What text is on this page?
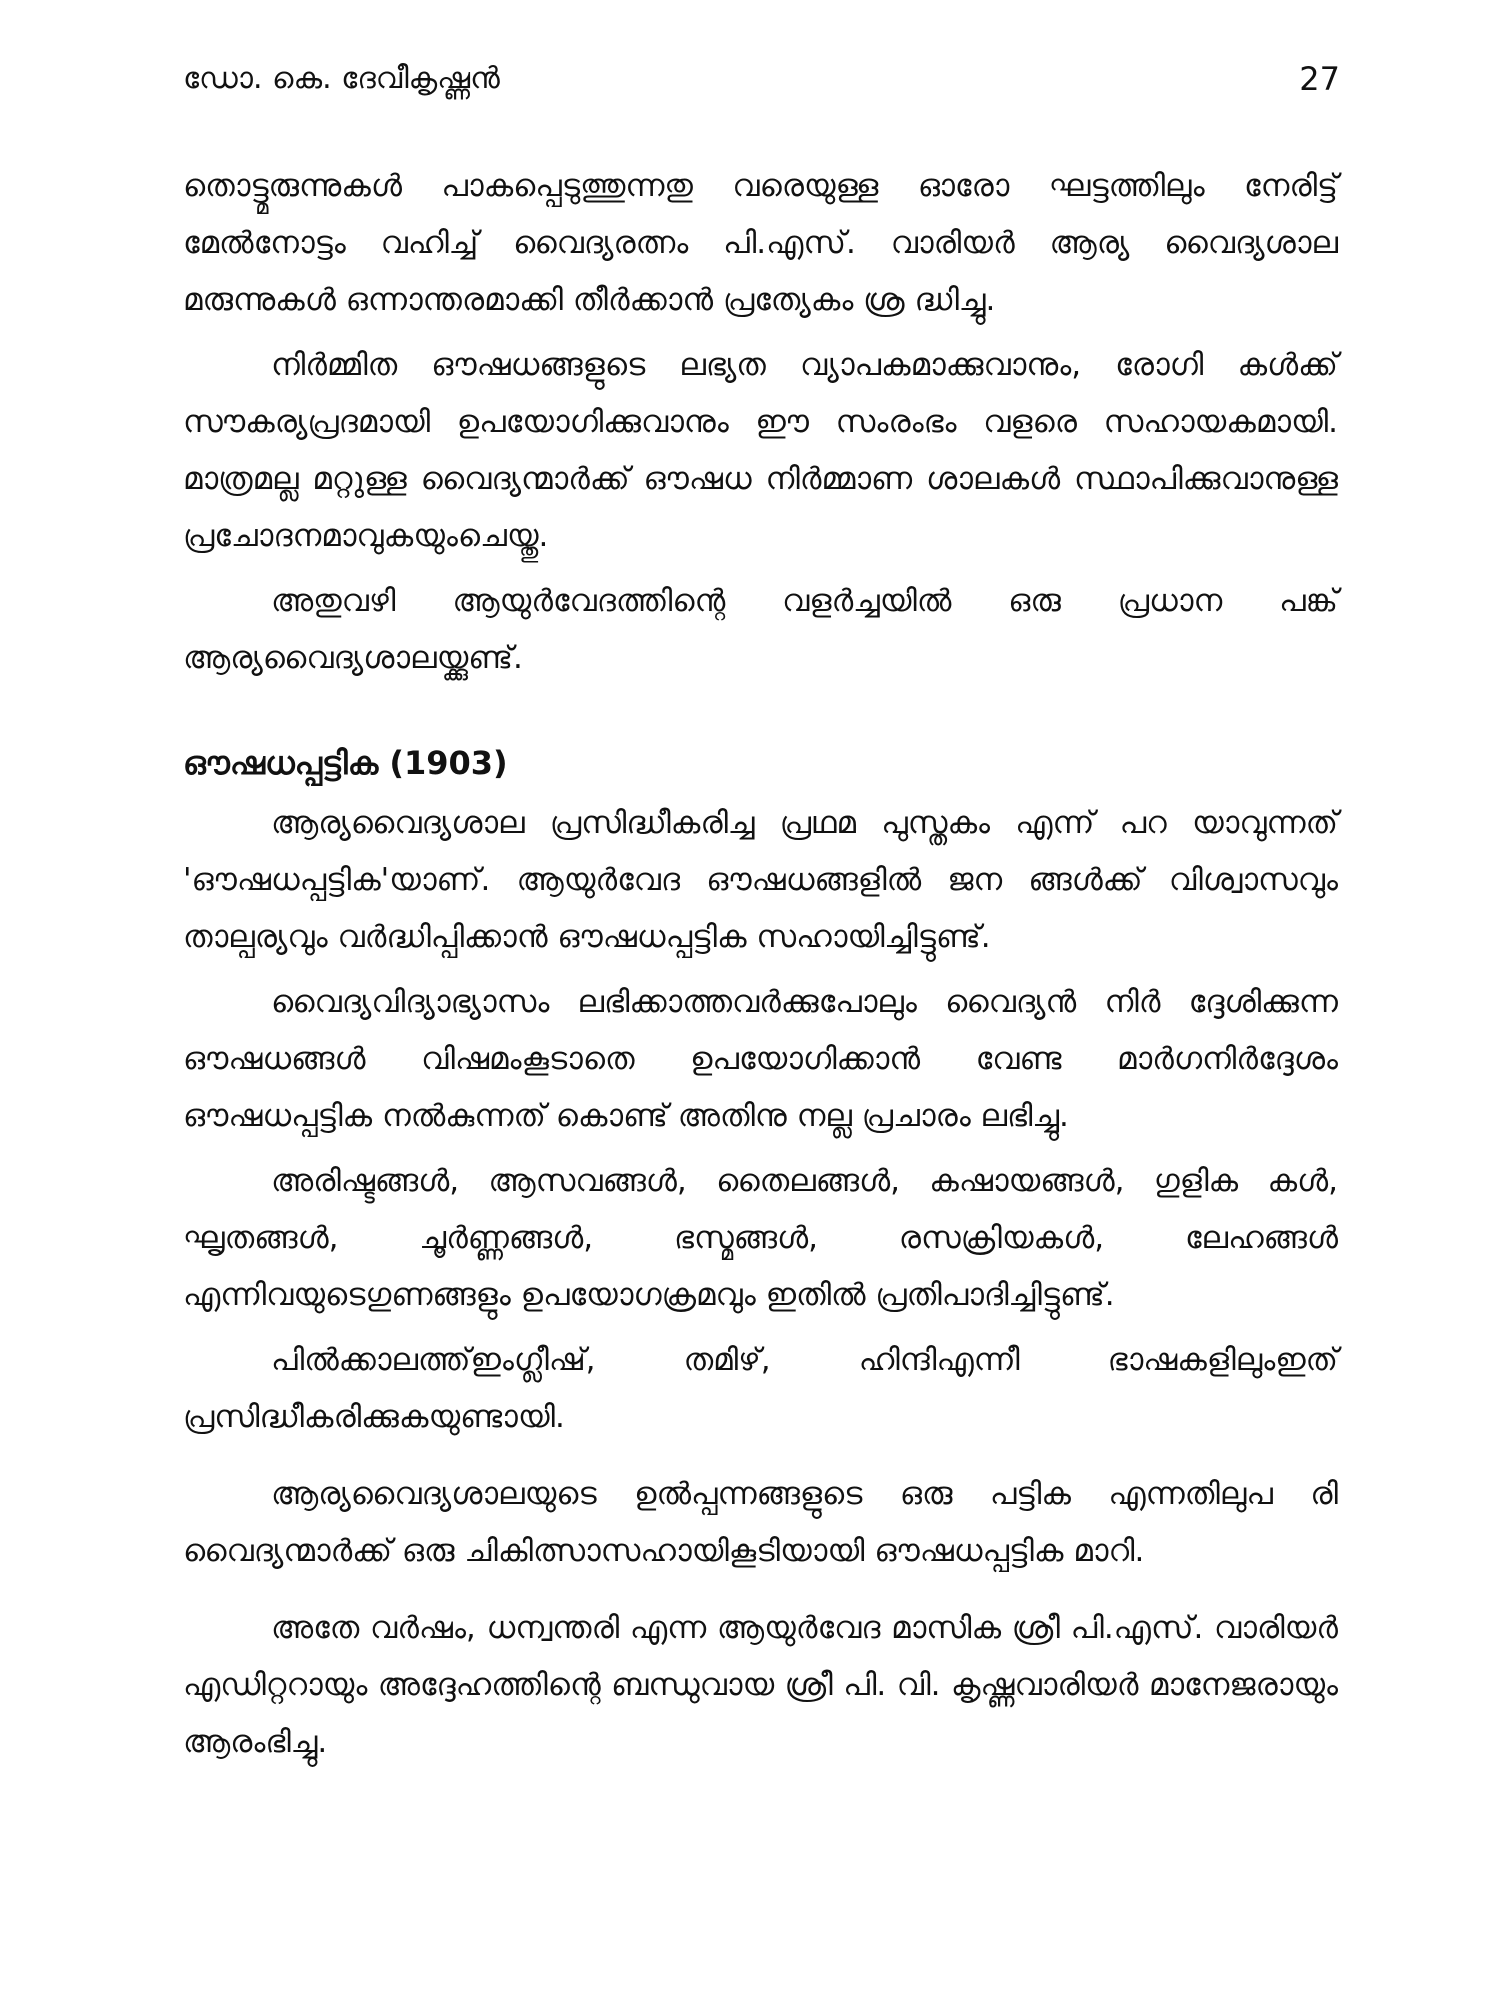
ഡോ. കെ. ദേവീകൃഷ്ണൻ	27

തൊട്ട്മരുന്നുകൾ പാകപ്പെടുത്തുന്നതു വരെയുള്ള ഓരോ ഘട്ടത്തിലും നേരിട്ട് മേൽനോട്ടം വഹിച്ച് വൈദ്യരത്നം പി.എസ്. വാരിയർ ആര്യ വൈദ്യശാല മരുന്നുകൾ ഒന്നാന്തരമാക്കി തീർക്കാൻ പ്രത്യേകം ശ്ര ദ്ധിച്ചു.

നിർമ്മിത ഔഷധങ്ങളുടെ ലഭ്യത വ്യാപകമാക്കുവാനും, രോഗി കൾക്ക് സൗകര്യപ്രദമായി ഉപയോഗിക്കുവാനും ഈ സംരംഭം വളരെ സഹായകമായി. മാത്രമല്ല മറ്റുള്ള വൈദ്യന്മാർക്ക് ഔഷധ നിർമ്മാണ ശാലകൾ സ്ഥാപിക്കുവാനുള്ള പ്രചോദനമാവുകയുംചെയ്തു.

അതുവഴി ആയുർവേദത്തിന്റെ വളർച്ചയിൽ ഒരു പ്രധാന പങ്ക് ആര്യവൈദ്യശാലയ്ക്കുണ്ട്.

ഔഷധപ്പട്ടിക (1903)

ആര്യവൈദ്യശാല പ്രസിദ്ധീകരിച്ച പ്രഥമ പുസ്തകം എന്ന് പറ യാവുന്നത് 'ഔഷധപ്പട്ടിക'യാണ്. ആയുർവേദ ഔഷധങ്ങളിൽ ജന ങ്ങൾക്ക് വിശ്വാസവും താല്പര്യവും വർദ്ധിപ്പിക്കാൻ ഔഷധപ്പട്ടിക സഹായിച്ചിട്ടുണ്ട്.

വൈദ്യവിദ്യാഭ്യാസം ലഭിക്കാത്തവർക്കുപോലും വൈദ്യൻ നിർ ദ്ദേശിക്കുന്ന ഔഷധങ്ങൾ വിഷമംകൂടാതെ ഉപയോഗിക്കാൻ വേണ്ട മാർഗനിർദ്ദേശം ഔഷധപ്പട്ടിക നൽകുന്നത് കൊണ്ട് അതിനു നല്ല പ്രചാരം ലഭിച്ചു.

അരിഷ്ടങ്ങൾ, ആസവങ്ങൾ, തൈലങ്ങൾ, കഷായങ്ങൾ, ഗുളിക കൾ, ഘൃതങ്ങൾ, ചൂർണ്ണങ്ങൾ, ഭസ്മങ്ങൾ, രസക്രിയകൾ, ലേഹങ്ങൾ എന്നിവയുടെഗുണങ്ങളും ഉപയോഗക്രമവും ഇതിൽ പ്രതിപാദിച്ചിട്ടുണ്ട്.

പിൽക്കാലത്ത്ഇംഗ്ലീഷ്, തമിഴ്, ഹിന്ദിഎന്നീ ഭാഷകളിലുംഇത് പ്രസിദ്ധീകരിക്കുകയുണ്ടായി.

ആര്യവൈദ്യശാലയുടെ ഉൽപ്പന്നങ്ങളുടെ ഒരു പട്ടിക എന്നതിലുപ രി വൈദ്യന്മാർക്ക് ഒരു ചികിത്സാസഹായികൂടിയായി ഔഷധപ്പട്ടിക മാറി.

അതേ വർഷം, ധന്വന്തരി എന്ന ആയുർവേദ മാസിക ശ്രീ പി.എസ്. വാരിയർ എഡിറ്ററായും അദ്ദേഹത്തിന്റെ ബന്ധുവായ ശ്രീ പി. വി. കൃഷ്ണവാരിയർ മാനേജരായും ആരംഭിച്ചു.
